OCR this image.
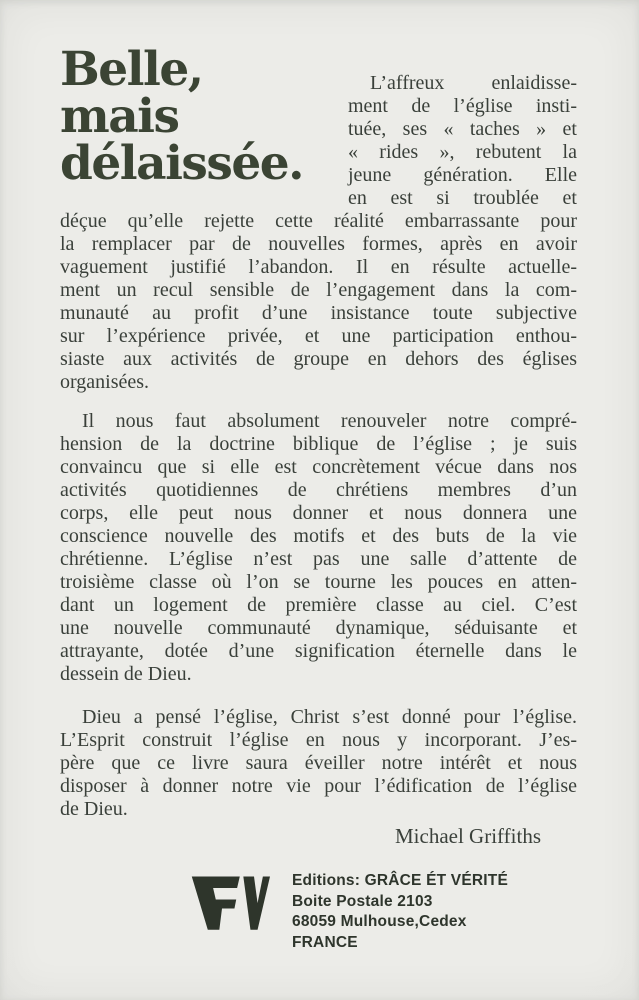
Belle,
mais
délaissée.
L’affreux enlaidisse-
ment de l’église insti-
tuée, ses « taches » et
« rides », rebutent la
jeune génération. Elle
en est si troublée et
déçue qu’elle rejette cette réalité embarrassante pour
la remplacer par de nouvelles formes, après en avoir
vaguement justifié l’abandon. Il en résulte actuelle-
ment un recul sensible de l’engagement dans la com-
munauté au profit d’une insistance toute subjective
sur l’expérience privée, et une participation enthou-
siaste aux activités de groupe en dehors des églises
organisées.
Il nous faut absolument renouveler notre compré-
hension de la doctrine biblique de l’église ; je suis
convaincu que si elle est concrètement vécue dans nos
activités quotidiennes de chrétiens membres d’un
corps, elle peut nous donner et nous donnera une
conscience nouvelle des motifs et des buts de la vie
chrétienne. L’église n’est pas une salle d’attente de
troisième classe où l’on se tourne les pouces en atten-
dant un logement de première classe au ciel. C’est
une nouvelle communauté dynamique, séduisante et
attrayante, dotée d’une signification éternelle dans le
dessein de Dieu.
Dieu a pensé l’église, Christ s’est donné pour l’église.
L’Esprit construit l’église en nous y incorporant. J’es-
père que ce livre saura éveiller notre intérêt et nous
disposer à donner notre vie pour l’édification de l’église
de Dieu.
Michael Griffiths
Editions: GRÂCE ÉT VÉRITÉ
Boite Postale 2103
68059 Mulhouse,Cedex
FRANCE
